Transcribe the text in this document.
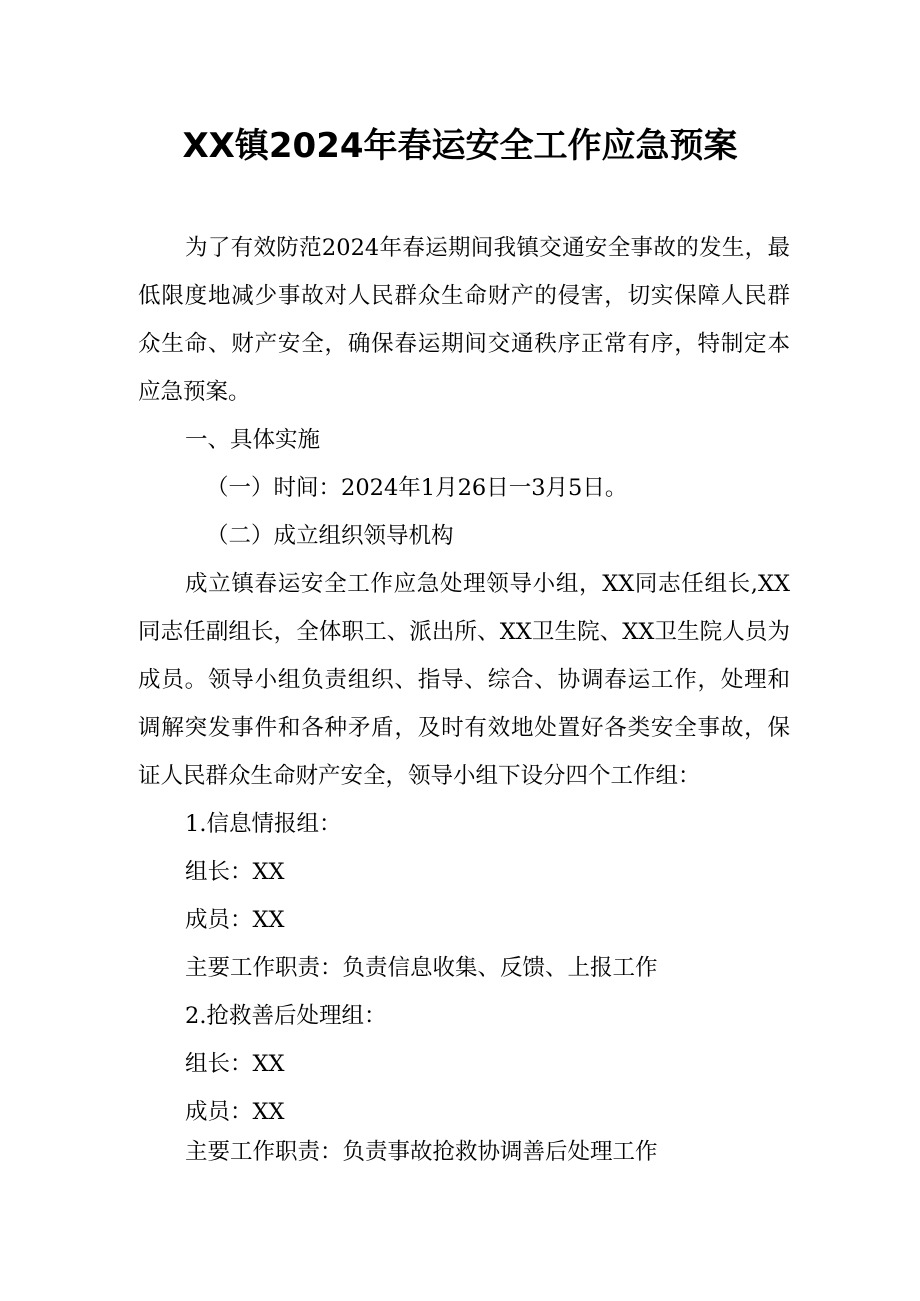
XX镇2024年春运安全工作应急预案

为了有效防范2024年春运期间我镇交通安全事故的发生，最低限度地减少事故对人民群众生命财产的侵害，切实保障人民群众生命、财产安全，确保春运期间交通秩序正常有序，特制定本应急预案。

一、具体实施

（一）时间：2024年1月26日一3月5日。

（二）成立组织领导机构

成立镇春运安全工作应急处理领导小组，XX同志任组长,XX同志任副组长，全体职工、派出所、XX卫生院、XX卫生院人员为成员。领导小组负责组织、指导、综合、协调春运工作，处理和调解突发事件和各种矛盾，及时有效地处置好各类安全事故，保证人民群众生命财产安全，领导小组下设分四个工作组：

1.信息情报组：

组长：XX

成员：XX

主要工作职责：负责信息收集、反馈、上报工作

2.抢救善后处理组：

组长：XX

成员：XX

主要工作职责：负责事故抢救协调善后处理工作
